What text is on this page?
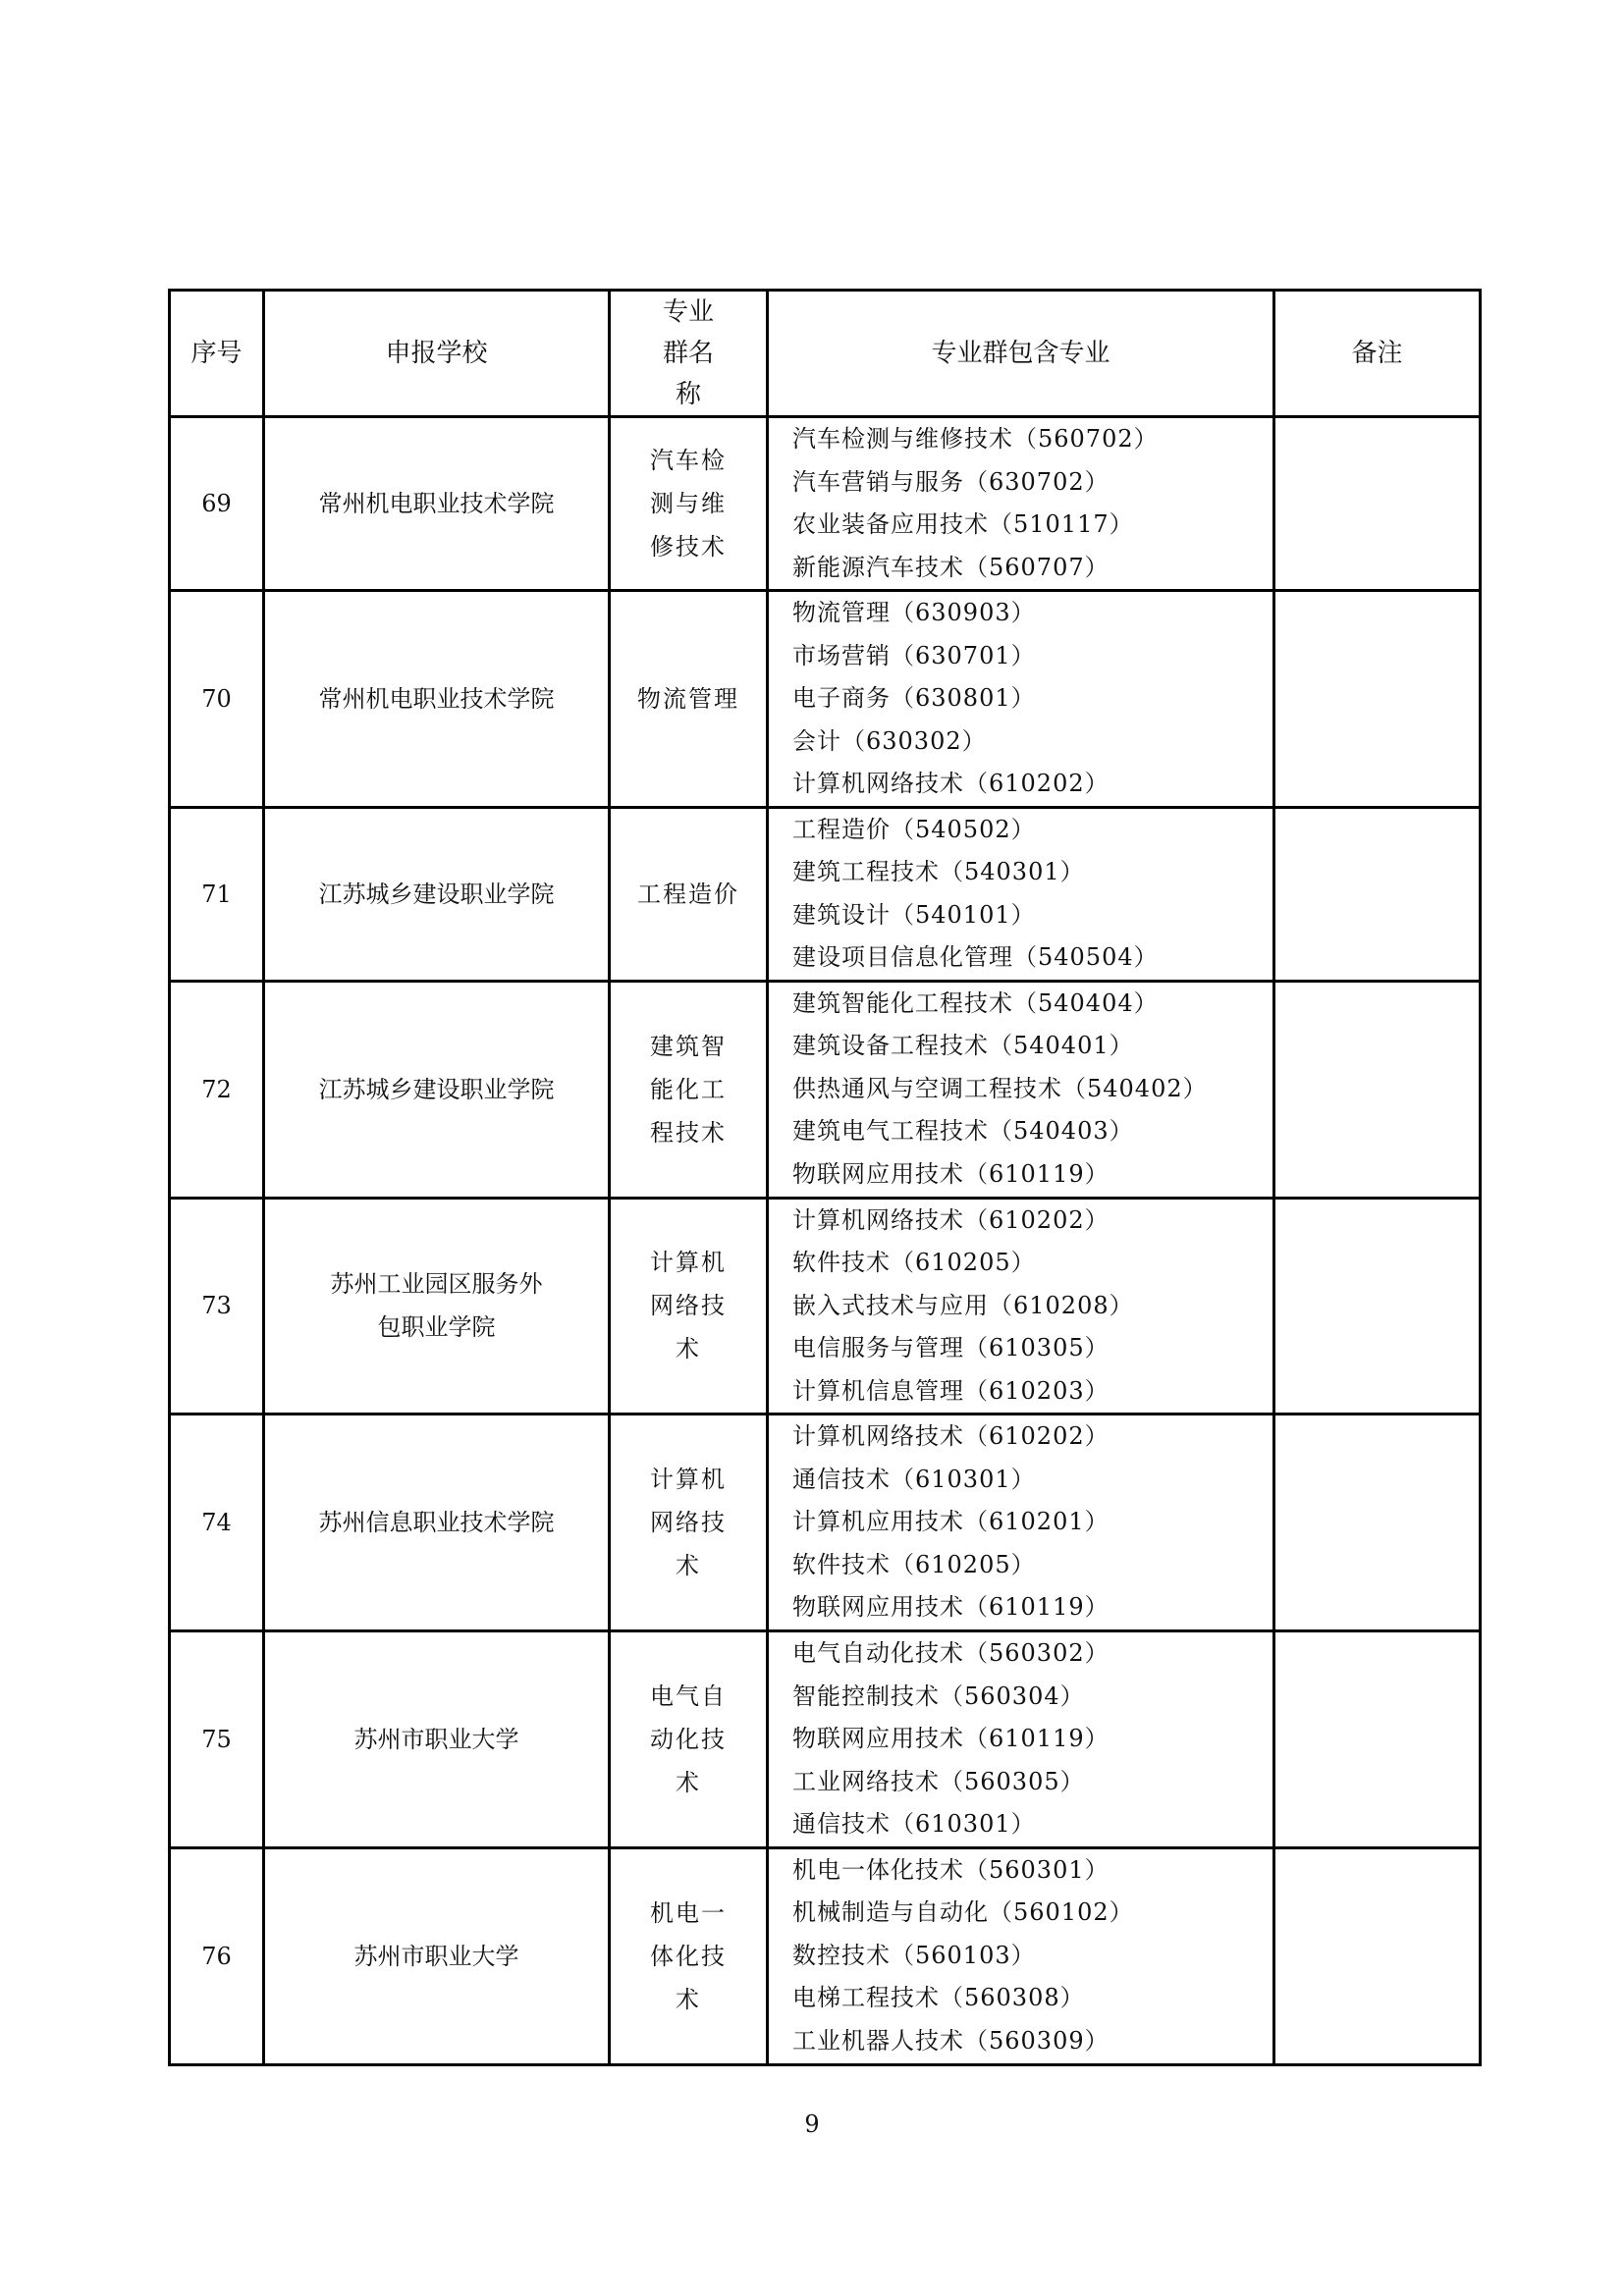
序号	申报学校	专业群名称	专业群包含专业	备注
69	常州机电职业技术学院	汽车检测与维修技术	汽车检测与维修技术（560702）
汽车营销与服务（630702）
农业装备应用技术（510117）
新能源汽车技术（560707）	

70	常州机电职业技术学院	物流管理	物流管理（630903）
市场营销（630701）
电子商务（630801）
会计（630302）
计算机网络技术（610202）	

71	江苏城乡建设职业学院	工程造价	工程造价（540502）
建筑工程技术（540301）
建筑设计（540101）
建设项目信息化管理（540504）	

72	江苏城乡建设职业学院	建筑智能化工程技术	建筑智能化工程技术（540404）
建筑设备工程技术（540401）
供热通风与空调工程技术（540402）
建筑电气工程技术（540403）
物联网应用技术（610119）	

73	苏州工业园区服务外包职业学院	计算机网络技术	计算机网络技术（610202）
软件技术（610205）
嵌入式技术与应用（610208）
电信服务与管理（610305）
计算机信息管理（610203）	

74	苏州信息职业技术学院	计算机网络技术	计算机网络技术（610202）
通信技术（610301）
计算机应用技术（610201）
软件技术（610205）
物联网应用技术（610119）	

75	苏州市职业大学	电气自动化技术	电气自动化技术（560302）
智能控制技术（560304）
物联网应用技术（610119）
工业网络技术（560305）
通信技术（610301）	

76	苏州市职业大学	机电一体化技术	机电一体化技术（560301）
机械制造与自动化（560102）
数控技术（560103）
电梯工程技术（560308）
工业机器人技术（560309）	

9
